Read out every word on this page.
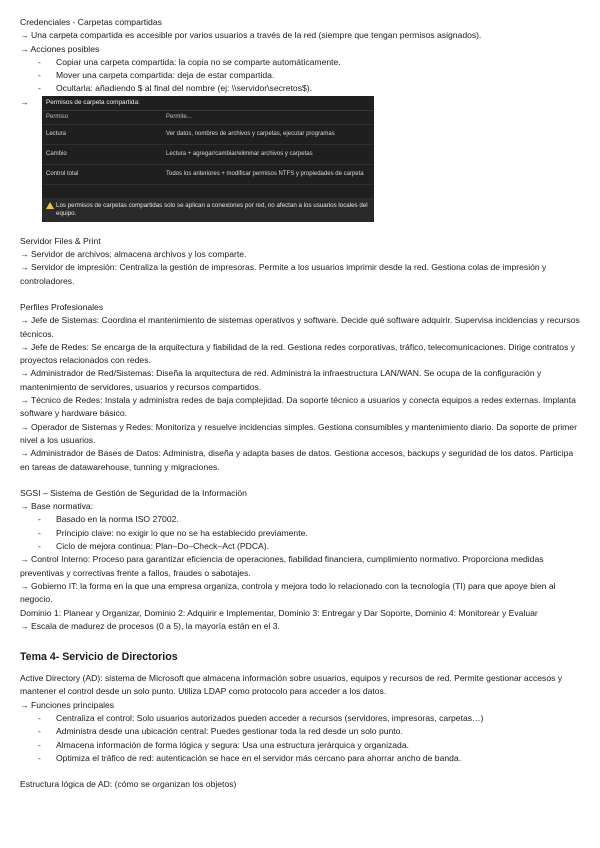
Credenciales - Carpetas compartidas

→ Una carpeta compartida es accesible por varios usuarios a través de la red (siempre que tengan permisos asignados).

→ Acciones posibles

- Copiar una carpeta compartida: la copia no se comparte automáticamente.

- Mover una carpeta compartida: deja de estar compartida.

- Ocultarla: añadiendo $ al final del nombre (ej: \\servidor\secretos$).

→	Permisos de carpeta compartida:
Permiso	Permite...
Lectura	Ver datos, nombres de archivos y carpetas, ejecutar programas
Cambio	Lectura + agregar/cambiar/eliminar archivos y carpetas
Control total	Todos los anteriores + modificar permisos NTFS y propiedades de carpeta
Los permisos de carpetas compartidas solo se aplican a conexiones por red, no afectan a los usuarios locales del equipo.

Servidor Files & Print

→ Servidor de archivos: almacena archivos y los comparte.

→ Servidor de impresión: Centraliza la gestión de impresoras. Permite a los usuarios imprimir desde la red. Gestiona colas de impresión y controladores.

Perfiles Profesionales

→ Jefe de Sistemas: Coordina el mantenimiento de sistemas operativos y software. Decide qué software adquirir. Supervisa incidencias y recursos técnicos.

→ Jefe de Redes: Se encarga de la arquitectura y fiabilidad de la red. Gestiona redes corporativas, tráfico, telecomunicaciones. Dirige contratos y proyectos relacionados con redes.

→ Administrador de Red/Sistemas: Diseña la arquitectura de red. Administra la infraestructura LAN/WAN. Se ocupa de la configuración y mantenimiento de servidores, usuarios y recursos compartidos.

→ Técnico de Redes: Instala y administra redes de baja complejidad. Da soporte técnico a usuarios y conecta equipos a redes externas. Implanta software y hardware básico.

→ Operador de Sistemas y Redes: Monitoriza y resuelve incidencias simples. Gestiona consumibles y mantenimiento diario. Da soporte de primer nivel a los usuarios.

→ Administrador de Bases de Datos: Administra, diseña y adapta bases de datos. Gestiona accesos, backups y seguridad de los datos. Participa en tareas de datawarehouse, tunning y migraciones.

SGSI – Sistema de Gestión de Seguridad de la Información

→ Base normativa:

- Basado en la norma ISO 27002.

- Principio clave: no exigir lo que no se ha establecido previamente.

- Ciclo de mejora continua: Plan–Do–Check–Act (PDCA).

→ Control Interno: Proceso para garantizar eficiencia de operaciones, fiabilidad financiera, cumplimiento normativo. Proporciona medidas preventivas y correctivas frente a fallos, fraudes o sabotajes.

→ Gobierno IT: la forma en la que una empresa organiza, controla y mejora todo lo relacionado con la tecnología (TI) para que apoye bien al negocio.

Dominio 1: Planear y Organizar, Dominio 2: Adquirir e Implementar, Dominio 3: Entregar y Dar Soporte, Dominio 4: Monitorear y Evaluar

→ Escala de madurez de procesos (0 a 5), la mayoría están en el 3.

Tema 4- Servicio de Directorios

Active Directory (AD): sistema de Microsoft que almacena información sobre usuarios, equipos y recursos de red. Permite gestionar accesos y mantener el control desde un solo punto. Utiliza LDAP como protocolo para acceder a los datos.

→ Funciones principales

- Centraliza el control: Solo usuarios autorizados pueden acceder a recursos (servidores, impresoras, carpetas…)

- Administra desde una ubicación central: Puedes gestionar toda la red desde un solo punto.

- Almacena información de forma lógica y segura: Usa una estructura jerárquica y organizada.

- Optimiza el tráfico de red: autenticación se hace en el servidor más cercano para ahorrar ancho de banda.

Estructura lógica de AD: (cómo se organizan los objetos)
